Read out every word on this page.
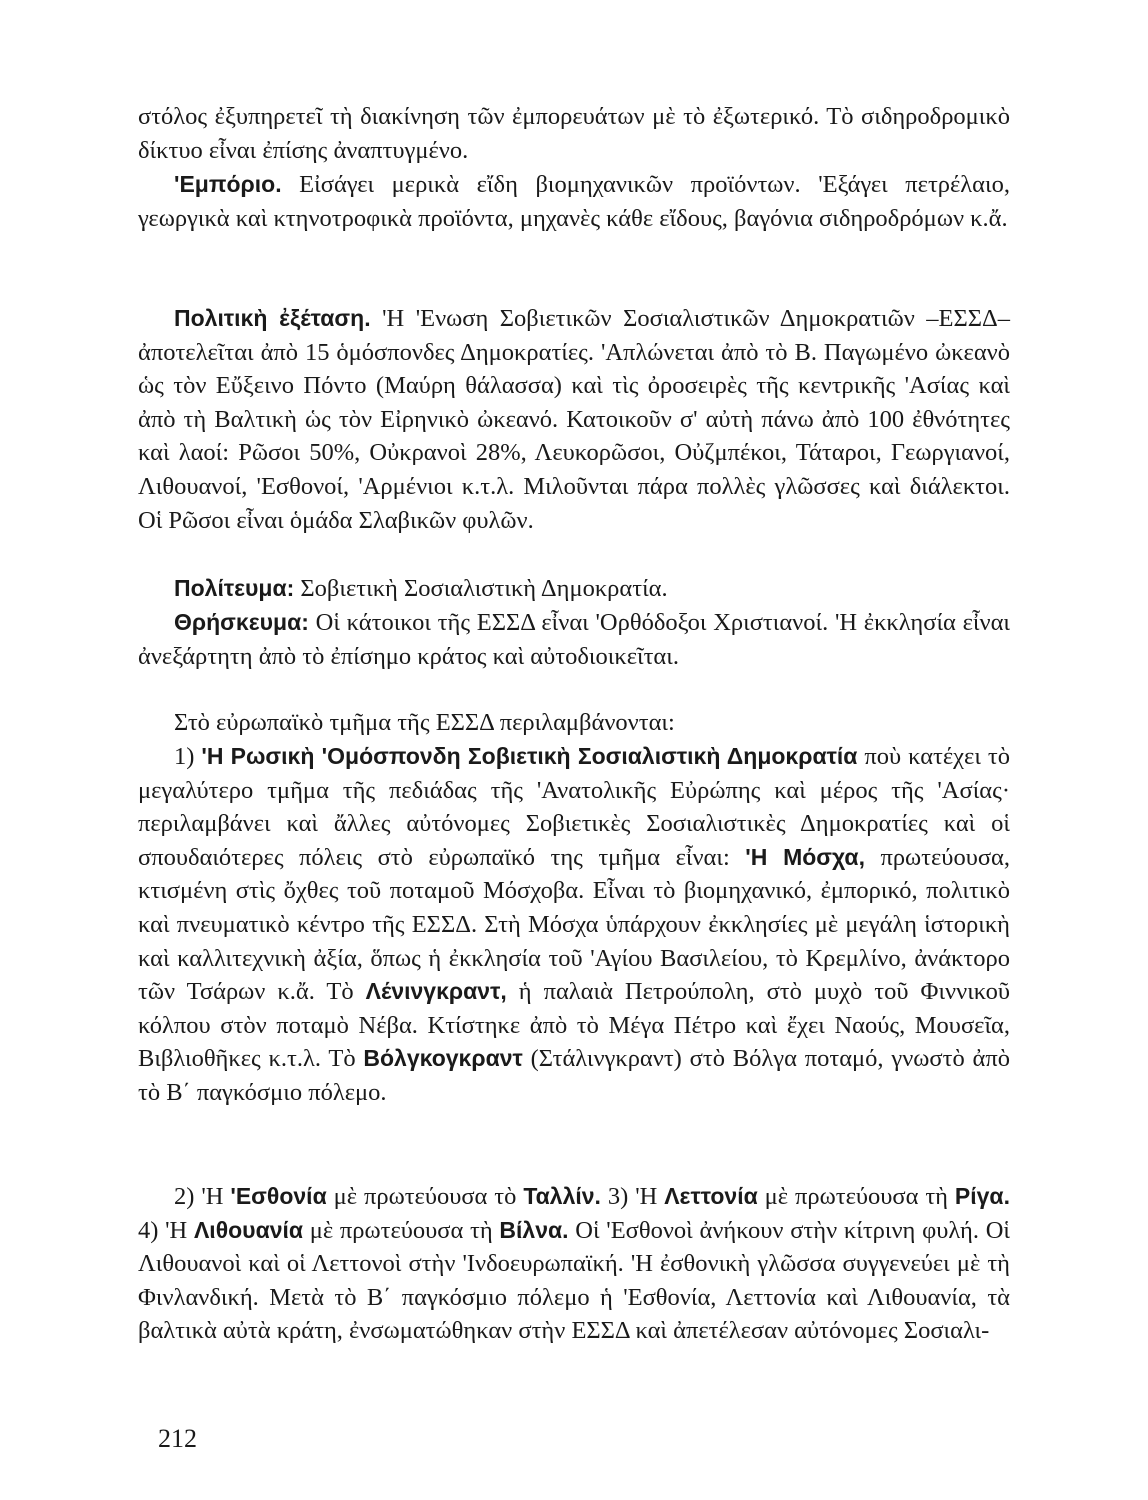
στόλος ἐξυπηρετεῖ τὴ διακίνηση τῶν ἐμπορευάτων μὲ τὸ ἐξωτερικό. Τὸ σιδηροδρομικὸ δίκτυο εἶναι ἐπίσης ἀναπτυγμένο.

'Εμπόριο. Εἰσάγει μερικὰ εἴδη βιομηχανικῶν προϊόντων. 'Εξάγει πετρέλαιο, γεωργικὰ καὶ κτηνοτροφικὰ προϊόντα, μηχανὲς κάθε εἴδους, βαγόνια σιδηροδρόμων κ.ἄ.

Πολιτικὴ ἐξέταση. 'Η 'Ενωση Σοβιετικῶν Σοσιαλιστικῶν Δημοκρατιῶν –ΕΣΣΔ– ἀποτελεῖται ἀπὸ 15 ὁμόσπονδες Δημοκρατίες. 'Απλώνεται ἀπὸ τὸ Β. Παγωμένο ὠκεανὸ ὡς τὸν Εὔξεινο Πόντο (Μαύρη θάλασσα) καὶ τὶς ὀροσειρὲς τῆς κεντρικῆς 'Ασίας καὶ ἀπὸ τὴ Βαλτικὴ ὡς τὸν Εἰρηνικὸ ὠκεανό. Κατοικοῦν σ' αὐτὴ πάνω ἀπὸ 100 ἐθνότητες καὶ λαοί: Ρῶσοι 50%, Οὐκρανοὶ 28%, Λευκορῶσοι, Οὐζμπέκοι, Τάταροι, Γεωργιανοί, Λιθουανοί, 'Εσθονοί, 'Αρμένιοι κ.τ.λ. Μιλοῦνται πάρα πολλὲς γλῶσσες καὶ διάλεκτοι. Οἱ Ρῶσοι εἶναι ὁμάδα Σλαβικῶν φυλῶν.

Πολίτευμα: Σοβιετικὴ Σοσιαλιστικὴ Δημοκρατία.

Θρήσκευμα: Οἱ κάτοικοι τῆς ΕΣΣΔ εἶναι 'Ορθόδοξοι Χριστιανοί. 'Η ἐκκλησία εἶναι ἀνεξάρτητη ἀπὸ τὸ ἐπίσημο κράτος καὶ αὐτοδιοικεῖται.

Στὸ εὐρωπαϊκὸ τμῆμα τῆς ΕΣΣΔ περιλαμβάνονται:

1) 'Η Ρωσικὴ 'Ομόσπονδη Σοβιετικὴ Σοσιαλιστικὴ Δημοκρατία ποὺ κατέχει τὸ μεγαλύτερο τμῆμα τῆς πεδιάδας τῆς 'Ανατολικῆς Εὐρώπης καὶ μέρος τῆς 'Ασίας· περιλαμβάνει καὶ ἄλλες αὐτόνομες Σοβιετικὲς Σοσιαλιστικὲς Δημοκρατίες καὶ οἱ σπουδαιότερες πόλεις στὸ εὐρωπαϊκό της τμῆμα εἶναι: 'Η Μόσχα, πρωτεύουσα, κτισμένη στὶς ὄχθες τοῦ ποταμοῦ Μόσχοβα. Εἶναι τὸ βιομηχανικό, ἐμπορικό, πολιτικὸ καὶ πνευματικὸ κέντρο τῆς ΕΣΣΔ. Στὴ Μόσχα ὑπάρχουν ἐκκλησίες μὲ μεγάλη ἱστορικὴ καὶ καλλιτεχνικὴ ἀξία, ὅπως ἡ ἐκκλησία τοῦ 'Αγίου Βασιλείου, τὸ Κρεμλίνο, ἀνάκτορο τῶν Τσάρων κ.ἄ. Τὸ Λένινγκραντ, ἡ παλαιὰ Πετρούπολη, στὸ μυχὸ τοῦ Φιννικοῦ κόλπου στὸν ποταμὸ Νέβα. Κτίστηκε ἀπὸ τὸ Μέγα Πέτρο καὶ ἔχει Ναούς, Μουσεῖα, Βιβλιοθῆκες κ.τ.λ. Τὸ Βόλγκογκραντ (Στάλινγκραντ) στὸ Βόλγα ποταμό, γνωστὸ ἀπὸ τὸ Β΄ παγκόσμιο πόλεμο.

2) 'Η 'Εσθονία μὲ πρωτεύουσα τὸ Ταλλίν. 3) 'Η Λεττονία μὲ πρωτεύουσα τὴ Ρίγα. 4) 'Η Λιθουανία μὲ πρωτεύουσα τὴ Βίλνα. Οἱ 'Εσθονοὶ ἀνήκουν στὴν κίτρινη φυλή. Οἱ Λιθουανοὶ καὶ οἱ Λεττονοὶ στὴν 'Ινδοευρωπαϊκή. 'Η ἐσθονικὴ γλῶσσα συγγενεύει μὲ τὴ Φινλανδική. Μετὰ τὸ Β΄ παγκόσμιο πόλεμο ἡ 'Εσθονία, Λεττονία καὶ Λιθουανία, τὰ βαλτικὰ αὐτὰ κράτη, ἐνσωματώθηκαν στὴν ΕΣΣΔ καὶ ἀπετέλεσαν αὐτόνομες Σοσιαλι-

212
